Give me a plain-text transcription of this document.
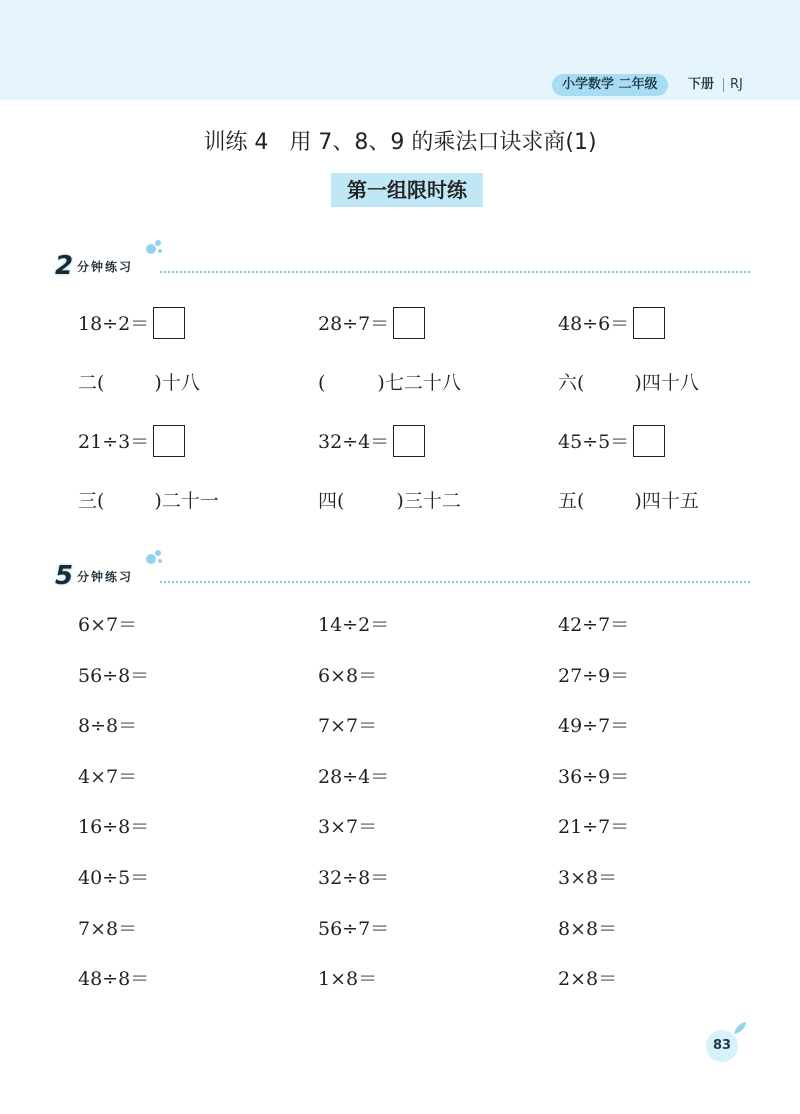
小学数学 二年级	下册 RJ
训练 4   用 7、8、9 的乘法口诀求商(1)
第一组限时练
2 分钟练习
18÷2＝	28÷7＝	48÷6＝
二(	)十八	(	)七二十八	六(	)四十八
21÷3＝	32÷4＝	45÷5＝
三(	)二十一	四(	)三十二	五(	)四十五
5 分钟练习
6×7＝	14÷2＝	42÷7＝
56÷8＝	6×8＝	27÷9＝
8÷8＝	7×7＝	49÷7＝
4×7＝	28÷4＝	36÷9＝
16÷8＝	3×7＝	21÷7＝
40÷5＝	32÷8＝	3×8＝
7×8＝	56÷7＝	8×8＝
48÷8＝	1×8＝	2×8＝
83
